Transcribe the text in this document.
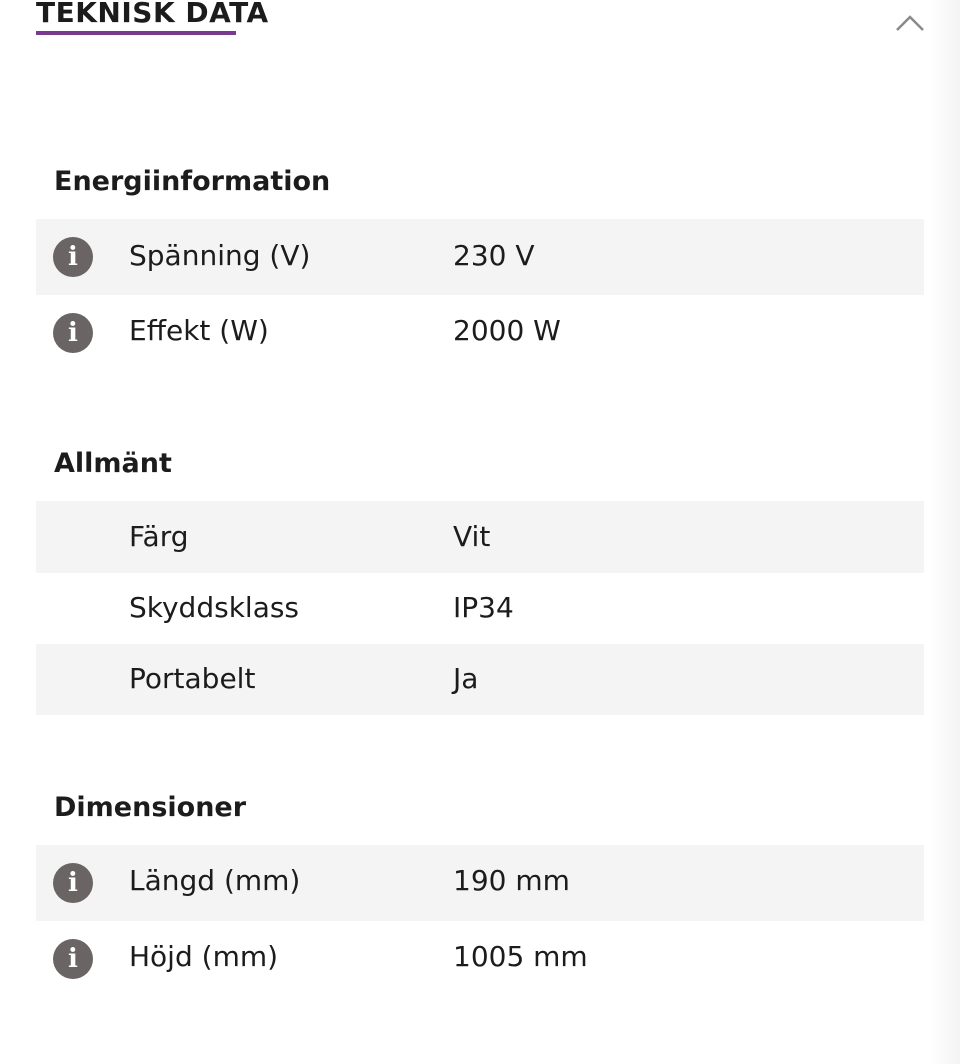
TEKNISK DATA
Energiinformation
i	Spänning (V)	230 V
i	Effekt (W)	2000 W
Allmänt
Färg	Vit
Skyddsklass	IP34
Portabelt	Ja
Dimensioner
i	Längd (mm)	190 mm
i	Höjd (mm)	1005 mm
